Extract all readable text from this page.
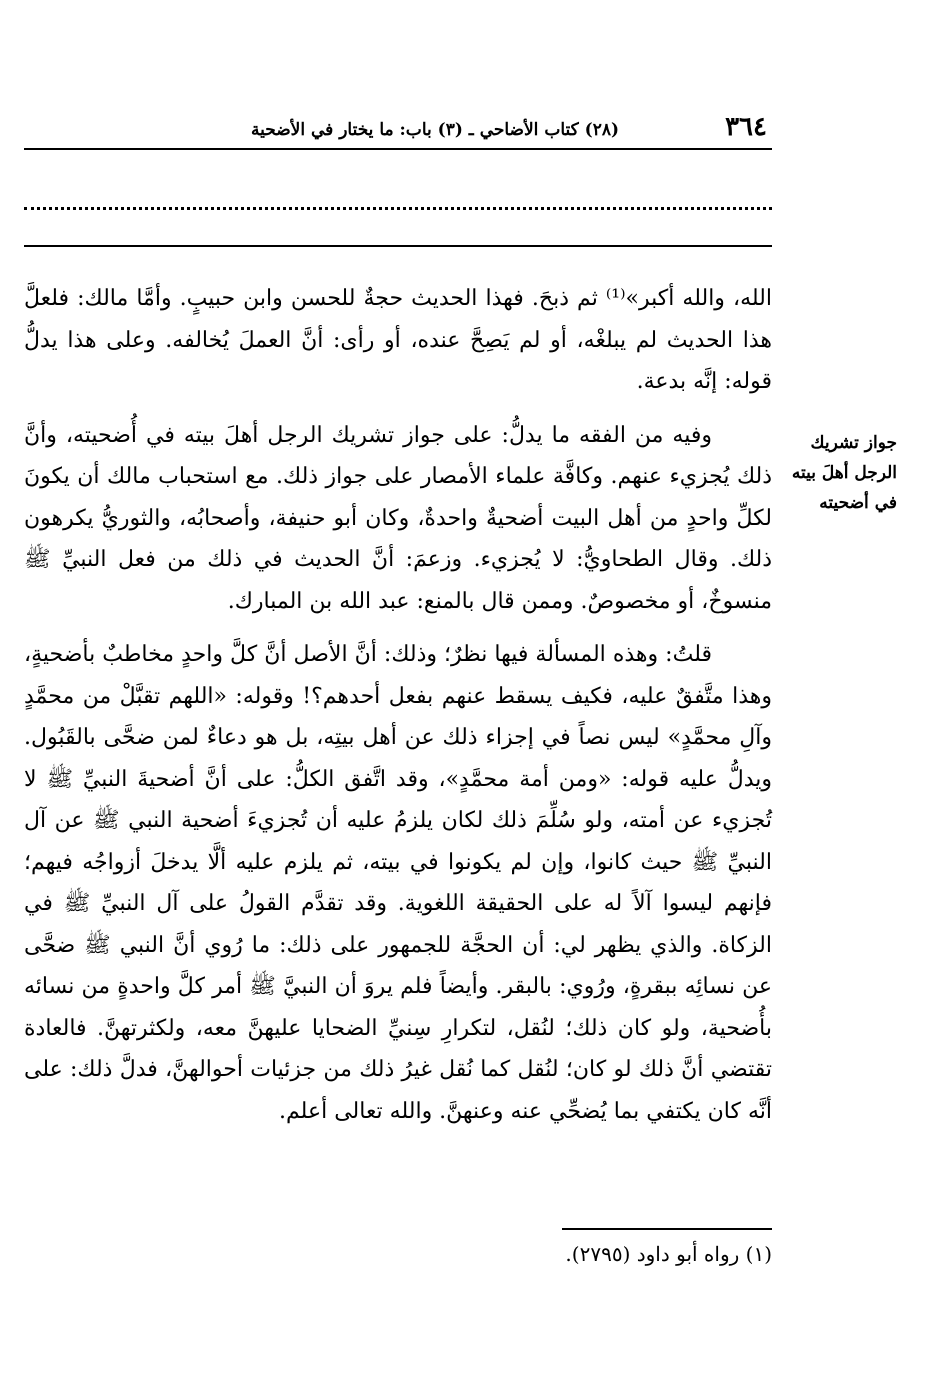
٣٦٤
(٢٨) كتاب الأضاحي ـ (٣) باب: ما يختار في الأضحية
جواز تشريك الرجل أهلَ بيته في أضحيته

الله، والله أكبر»⁽¹⁾ ثم ذبحَ. فهذا الحديث حجةٌ للحسن وابن حبيبٍ. وأمَّا مالك: فلعلَّ هذا الحديث لم يبلغْه، أو لم يَصِحَّ عنده، أو رأى: أنَّ العملَ يُخالفه. وعلى هذا يدلُّ قوله: إنَّه بدعة.

وفيه من الفقه ما يدلُّ: على جواز تشريك الرجل أهلَ بيته في أُضحيته، وأنَّ ذلك يُجزيء عنهم. وكافَّة علماء الأمصار على جواز ذلك. مع استحباب مالك أن يكونَ لكلِّ واحدٍ من أهل البيت أضحيةٌ واحدةٌ، وكان أبو حنيفة، وأصحابُه، والثوريُّ يكرهون ذلك. وقال الطحاويُّ: لا يُجزيء. وزعمَ: أنَّ الحديث في ذلك من فعل النبيِّ ﷺ منسوخٌ، أو مخصوصٌ. وممن قال بالمنع: عبد الله بن المبارك.

قلتُ: وهذه المسألة فيها نظرٌ؛ وذلك: أنَّ الأصل أنَّ كلَّ واحدٍ مخاطبٌ بأضحيةٍ، وهذا متَّفقٌ عليه، فكيف يسقط عنهم بفعل أحدهم؟! وقوله: «اللهم تقبَّلْ من محمَّدٍ وآلِ محمَّدٍ» ليس نصاً في إجزاء ذلك عن أهل بيتِه، بل هو دعاءٌ لمن ضحَّى بالقَبُول. ويدلُّ عليه قوله: «ومن أمة محمَّدٍ»، وقد اتَّفق الكلُّ: على أنَّ أضحيةَ النبيِّ ﷺ لا تُجزيء عن أمته، ولو سُلِّمَ ذلك لكان يلزمُ عليه أن تُجزيءَ أضحية النبي ﷺ عن آل النبيِّ ﷺ حيث كانوا، وإن لم يكونوا في بيته، ثم يلزم عليه ألَّا يدخلَ أزواجُه فيهم؛ فإنهم ليسوا آلاً له على الحقيقة اللغوية. وقد تقدَّم القولُ على آل النبيِّ ﷺ في الزكاة. والذي يظهر لي: أن الحجَّة للجمهور على ذلك: ما رُوي أنَّ النبي ﷺ ضحَّى عن نسائِه ببقرةٍ، ورُوي: بالبقر. وأيضاً فلم يروَ أن النبيَّ ﷺ أمر كلَّ واحدةٍ من نسائه بأُضحية، ولو كان ذلك؛ لنُقل، لتكرارِ سِنيِّ الضحايا عليهنَّ معه، ولكثرتهنَّ. فالعادة تقتضي أنَّ ذلك لو كان؛ لنُقل كما نُقل غيرُ ذلك من جزئيات أحوالهنَّ، فدلَّ ذلك: على أنَّه كان يكتفي بما يُضحِّي عنه وعنهنَّ. والله تعالى أعلم.

(١) رواه أبو داود (٢٧٩٥).
